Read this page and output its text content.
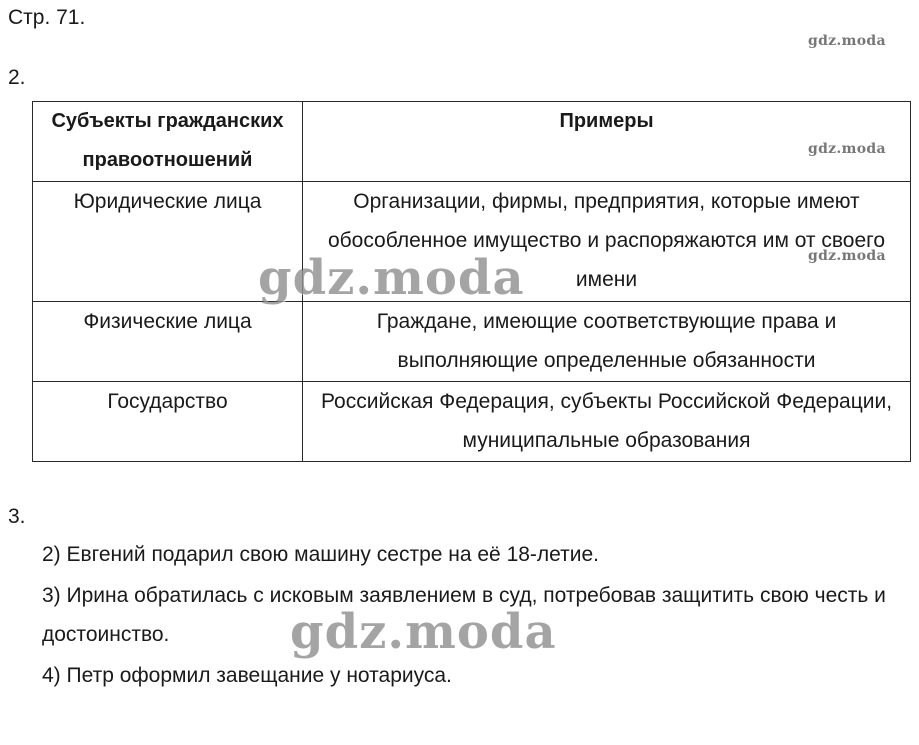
Стр. 71.
2.
Субъекты гражданских правоотношений	Примеры
Юридические лица	Организации, фирмы, предприятия, которые имеют обособленное имущество и распоряжаются им от своего имени
Физические лица	Граждане, имеющие соответствующие права и выполняющие определенные обязанности
Государство	Российская Федерация, субъекты Российской Федерации, муниципальные образования
3.

2) Евгений подарил свою машину сестре на её 18-летие.

3) Ирина обратилась с исковым заявлением в суд, потребовав защитить свою честь и достоинство.

4) Петр оформил завещание у нотариуса.

gdz.moda
gdz.moda
gdz.moda
gdz.moda
gdz.moda
